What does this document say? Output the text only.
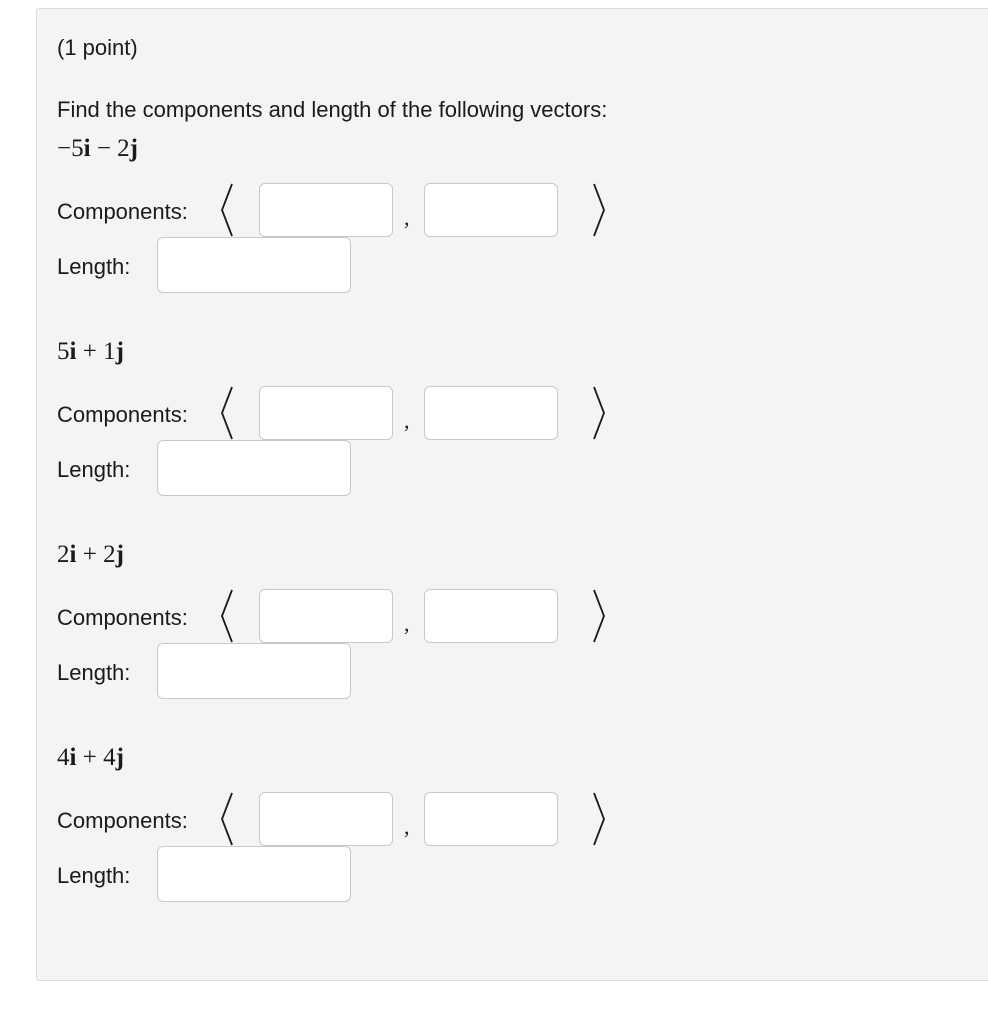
(1 point)
Find the components and length of the following vectors:
−5i − 2j
Components:	,
Length:
5i + 1j
Components:	,
Length:
2i + 2j
Components:	,
Length:
4i + 4j
Components:	,
Length:
